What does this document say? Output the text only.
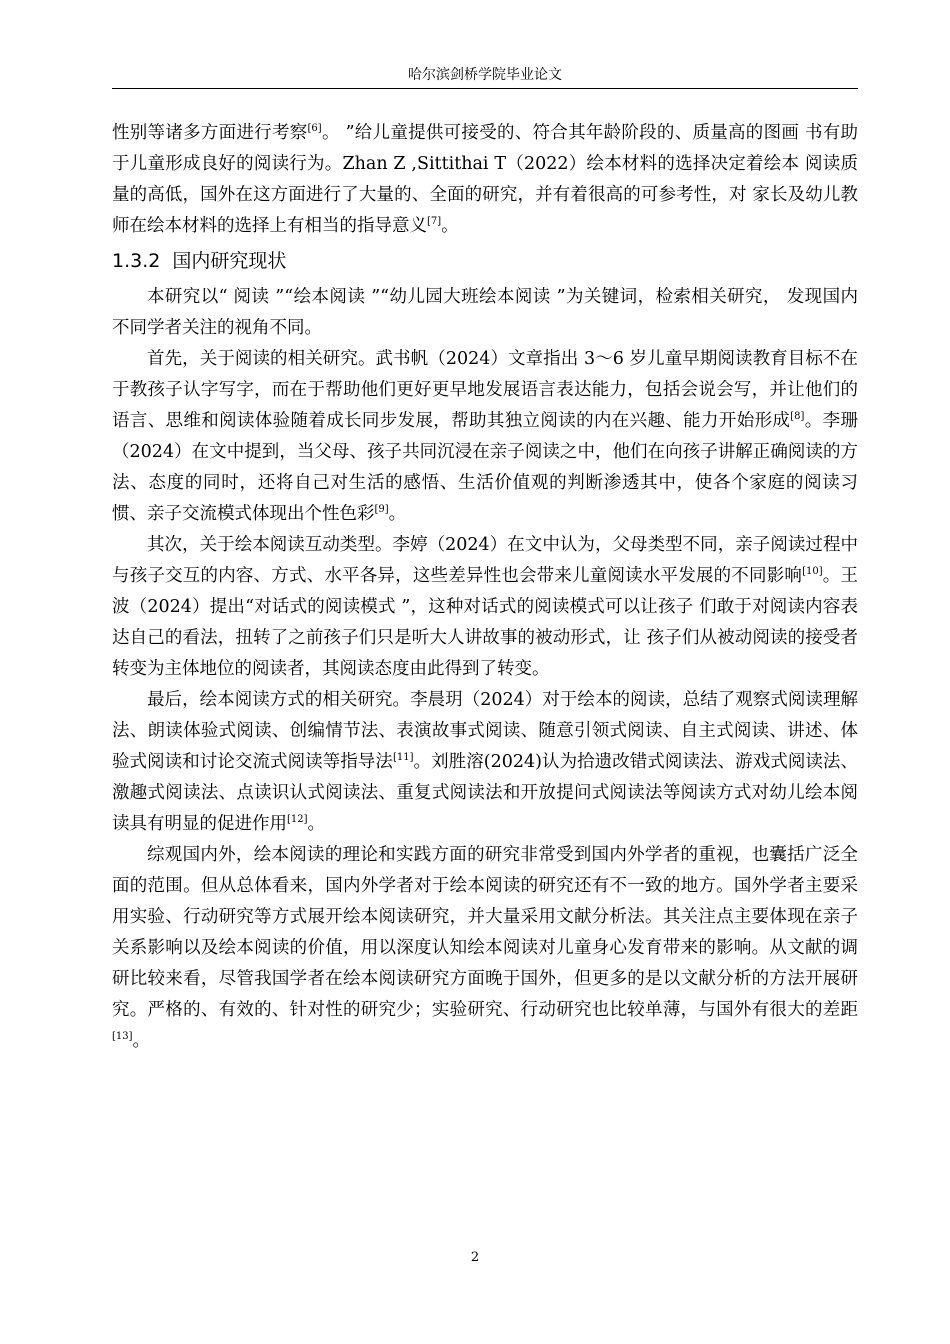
哈尔滨剑桥学院毕业论文

性别等诸多方面进行考察[6]。 ”给儿童提供可接受的、符合其年龄阶段的、质量高的图画 书有助于儿童形成良好的阅读行为。Zhan Z ,Sittithai T（2022）绘本材料的选择决定着绘本 阅读质量的高低，国外在这方面进行了大量的、全面的研究，并有着很高的可参考性，对 家长及幼儿教师在绘本材料的选择上有相当的指导意义[7]。

1.3.2 国内研究现状

本研究以“ 阅读 ”“绘本阅读 ”“幼儿园大班绘本阅读 ”为关键词，检索相关研究， 发现国内不同学者关注的视角不同。

首先，关于阅读的相关研究。武书帆（2024）文章指出 3～6 岁儿童早期阅读教育目标不在于教孩子认字写字，而在于帮助他们更好更早地发展语言表达能力，包括会说会写，并让他们的语言、思维和阅读体验随着成长同步发展，帮助其独立阅读的内在兴趣、能力开始形成[8]。李珊（2024）在文中提到，当父母、孩子共同沉浸在亲子阅读之中，他们在向孩子讲解正确阅读的方法、态度的同时，还将自己对生活的感悟、生活价值观的判断渗透其中，使各个家庭的阅读习惯、亲子交流模式体现出个性色彩[9]。

其次，关于绘本阅读互动类型。李婷（2024）在文中认为，父母类型不同，亲子阅读过程中与孩子交互的内容、方式、水平各异，这些差异性也会带来儿童阅读水平发展的不同影响[10]。王波（2024）提出“对话式的阅读模式 ”，这种对话式的阅读模式可以让孩子 们敢于对阅读内容表达自己的看法，扭转了之前孩子们只是听大人讲故事的被动形式，让 孩子们从被动阅读的接受者转变为主体地位的阅读者，其阅读态度由此得到了转变。

最后，绘本阅读方式的相关研究。李晨玥（2024）对于绘本的阅读，总结了观察式阅读理解法、朗读体验式阅读、创编情节法、表演故事式阅读、随意引领式阅读、自主式阅读、讲述、体验式阅读和讨论交流式阅读等指导法[11]。刘胜溶(2024)认为拾遗改错式阅读法、游戏式阅读法、激趣式阅读法、点读识认式阅读法、重复式阅读法和开放提问式阅读法等阅读方式对幼儿绘本阅读具有明显的促进作用[12]。

综观国内外，绘本阅读的理论和实践方面的研究非常受到国内外学者的重视，也囊括广泛全面的范围。但从总体看来，国内外学者对于绘本阅读的研究还有不一致的地方。国外学者主要采用实验、行动研究等方式展开绘本阅读研究，并大量采用文献分析法。其关注点主要体现在亲子关系影响以及绘本阅读的价值，用以深度认知绘本阅读对儿童身心发育带来的影响。从文献的调研比较来看，尽管我国学者在绘本阅读研究方面晚于国外，但更多的是以文献分析的方法开展研究。严格的、有效的、针对性的研究少；实验研究、行动研究也比较单薄，与国外有很大的差距[13]。

2
